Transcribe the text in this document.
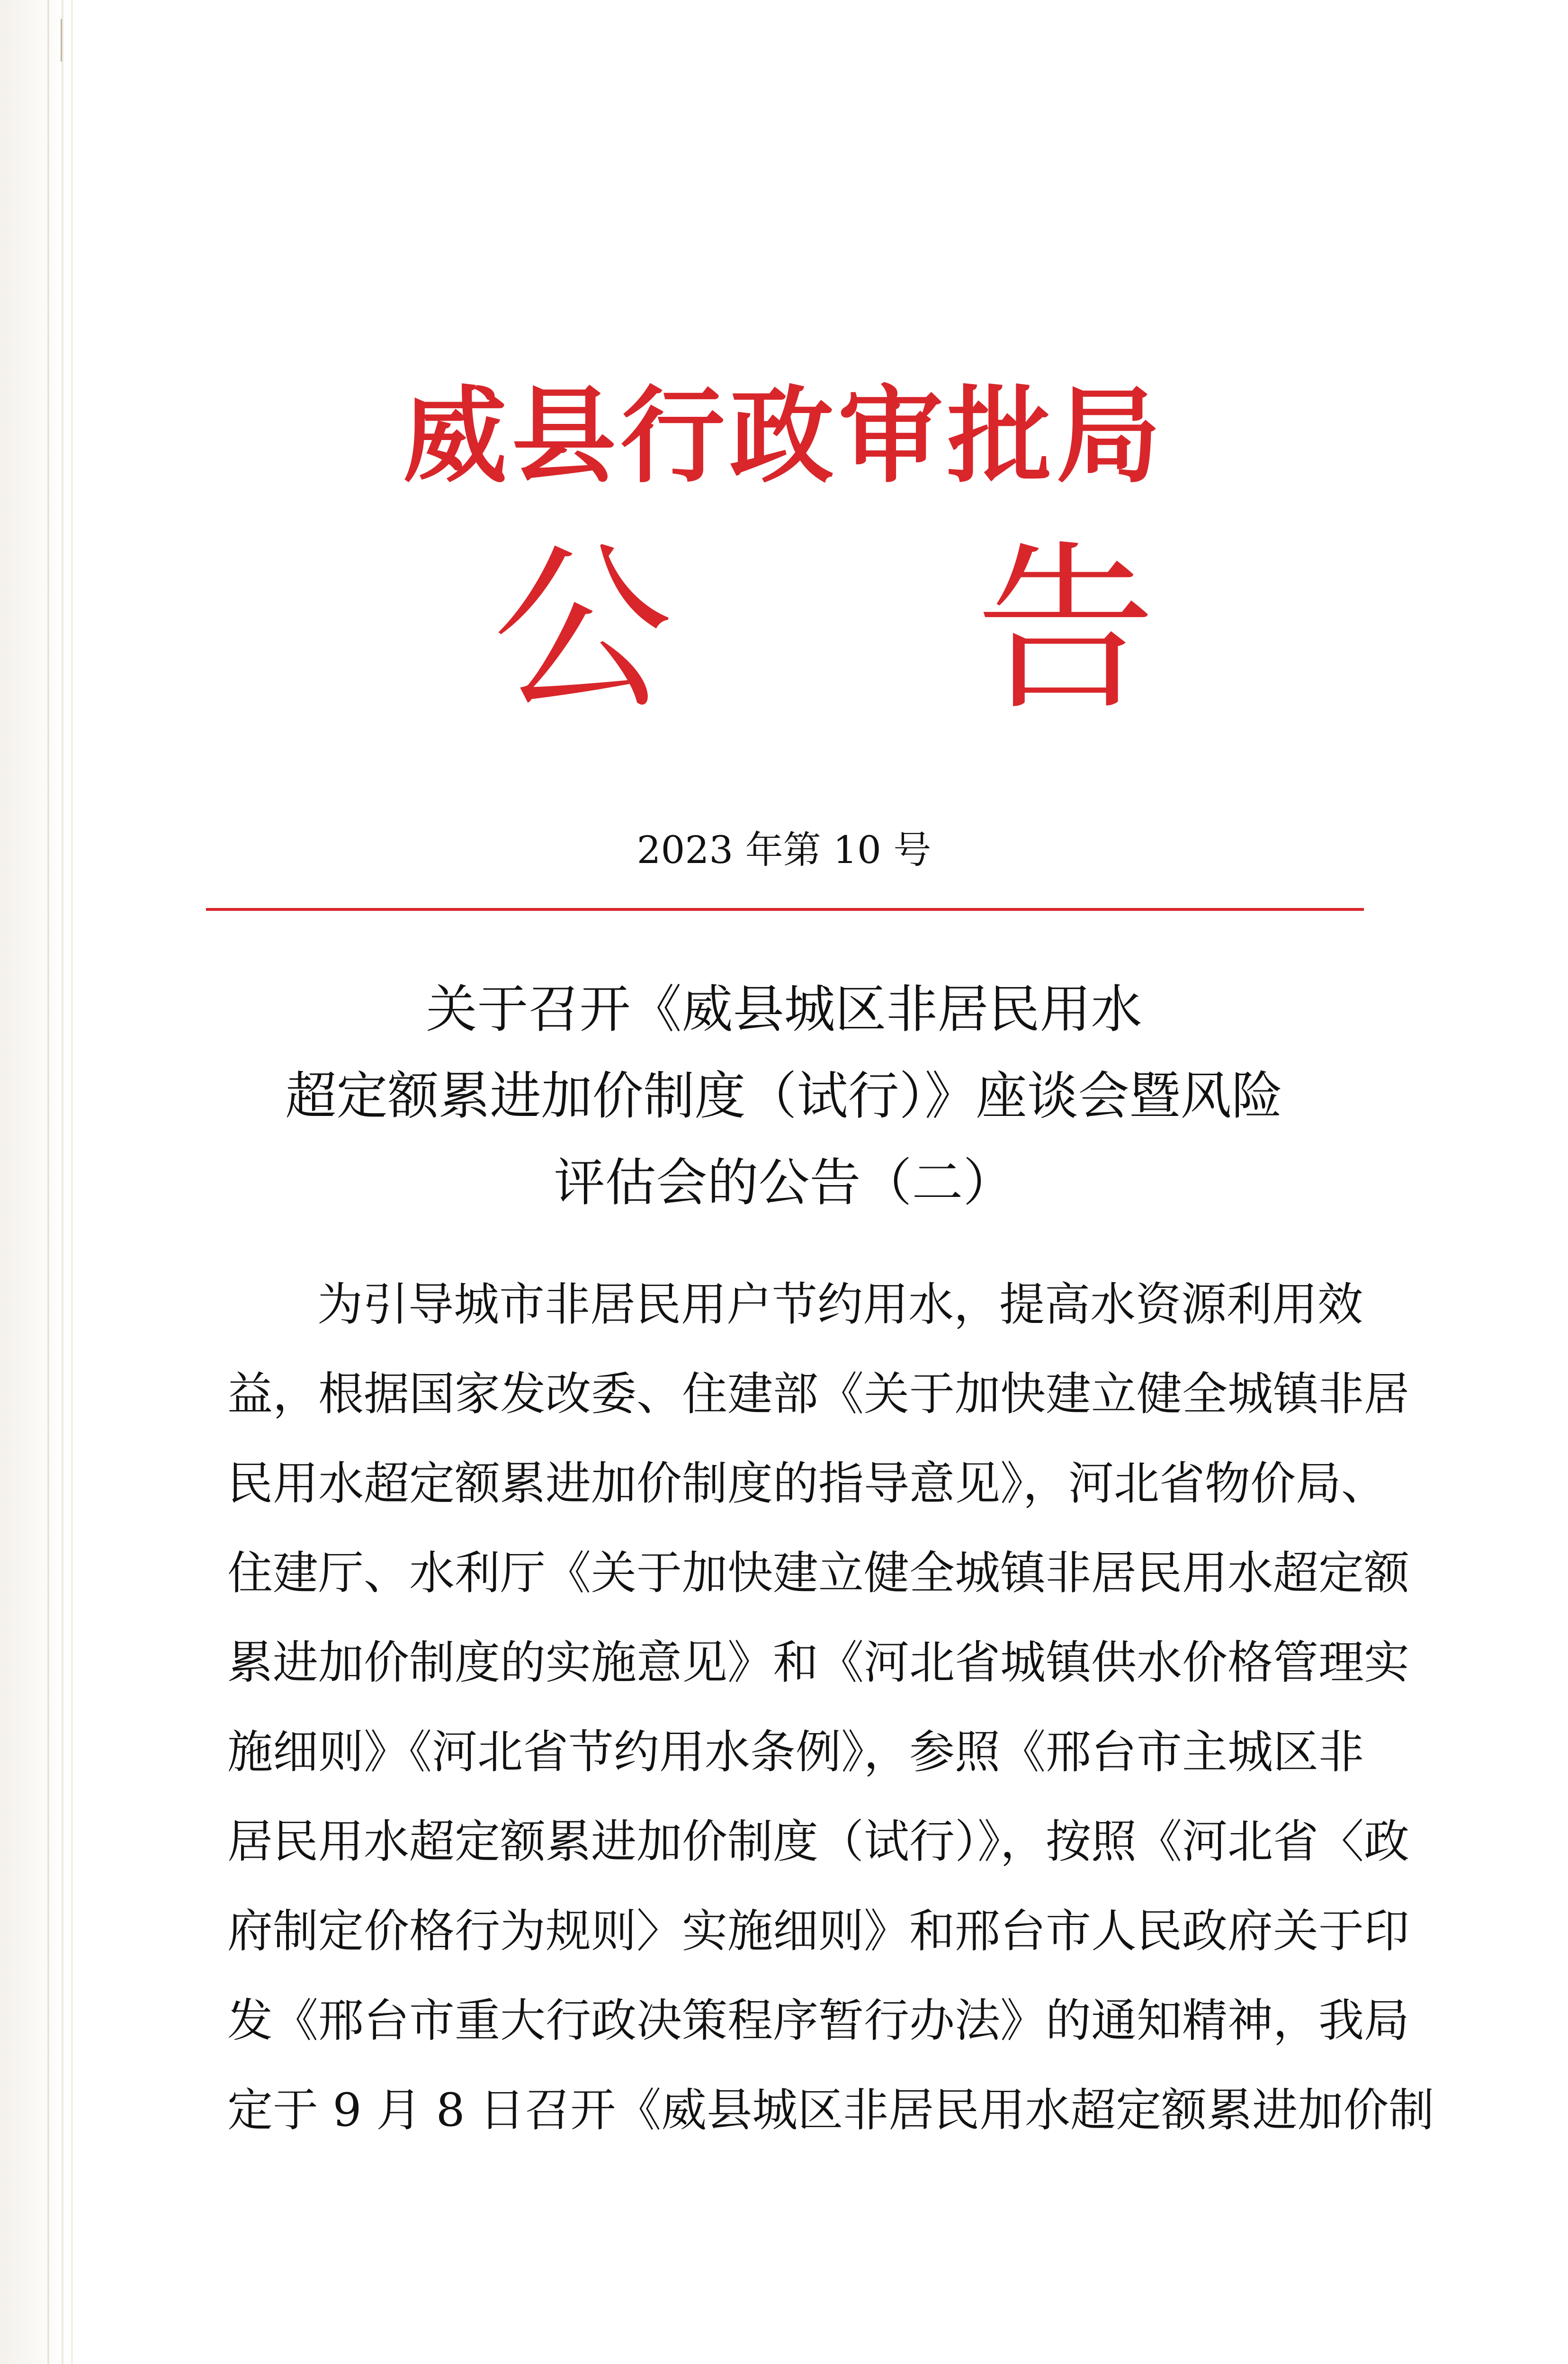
威县行政审批局
公 告
2023 年第 10 号
关于召开《威县城区非居民用水
超定额累进加价制度（试行）》座谈会暨风险
评估会的公告（二）
为引导城市非居民用户节约用水，提高水资源利用效
益，根据国家发改委、住建部《关于加快建立健全城镇非居
民用水超定额累进加价制度的指导意见》，河北省物价局、
住建厅、水利厅《关于加快建立健全城镇非居民用水超定额
累进加价制度的实施意见》和《河北省城镇供水价格管理实
施细则》《河北省节约用水条例》，参照《邢台市主城区非
居民用水超定额累进加价制度（试行）》，按照《河北省〈政
府制定价格行为规则〉实施细则》和邢台市人民政府关于印
发《邢台市重大行政决策程序暂行办法》的通知精神，我局
定于 9 月 8 日召开《威县城区非居民用水超定额累进加价制
